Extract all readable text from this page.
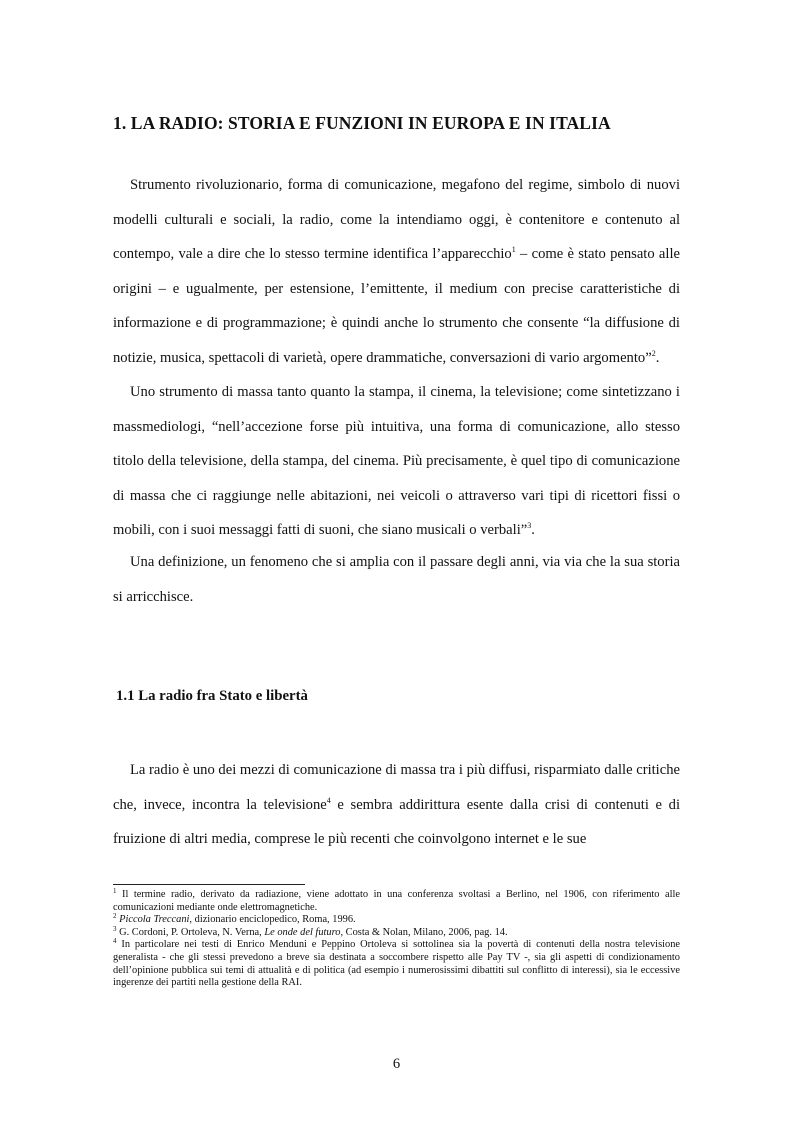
1. LA RADIO: STORIA E FUNZIONI IN EUROPA E IN ITALIA

Strumento rivoluzionario, forma di comunicazione, megafono del regime, simbolo di nuovi modelli culturali e sociali, la radio, come la intendiamo oggi, è contenitore e contenuto al contempo, vale a dire che lo stesso termine identifica l’apparecchio$^1$ – come è stato pensato alle origini – e ugualmente, per estensione, l’emittente, il medium con precise caratteristiche di informazione e di programmazione; è quindi anche lo strumento che consente “la diffusione di notizie, musica, spettacoli di varietà, opere drammatiche, conversazioni di vario argomento”$^2$.

Uno strumento di massa tanto quanto la stampa, il cinema, la televisione; come sintetizzano i massmediologi, “nell’accezione forse più intuitiva, una forma di comunicazione, allo stesso titolo della televisione, della stampa, del cinema. Più precisamente, è quel tipo di comunicazione di massa che ci raggiunge nelle abitazioni, nei veicoli o attraverso vari tipi di ricettori fissi o mobili, con i suoi messaggi fatti di suoni, che siano musicali o verbali”$^3$.

Una definizione, un fenomeno che si amplia con il passare degli anni, via via che la sua storia si arricchisce.

1.1 La radio fra Stato e libertà

La radio è uno dei mezzi di comunicazione di massa tra i più diffusi, risparmiato dalle critiche che, invece, incontra la televisione$^4$ e sembra addirittura esente dalla crisi di contenuti e di fruizione di altri media, comprese le più recenti che coinvolgono internet e le sue

$^1$ Il termine radio, derivato da radiazione, viene adottato in una conferenza svoltasi a Berlino, nel 1906, con riferimento alle comunicazioni mediante onde elettromagnetiche.

$^2$ Piccola Treccani, dizionario enciclopedico, Roma, 1996.

$^3$ G. Cordoni, P. Ortoleva, N. Verna, Le onde del futuro, Costa & Nolan, Milano, 2006, pag. 14.

$^4$ In particolare nei testi di Enrico Menduni e Peppino Ortoleva si sottolinea sia la povertà di contenuti della nostra televisione generalista - che gli stessi prevedono a breve sia destinata a soccombere rispetto alle Pay TV -, sia gli aspetti di condizionamento dell’opinione pubblica sui temi di attualità e di politica (ad esempio i numerosissimi dibattiti sul conflitto di interessi), sia le eccessive ingerenze dei partiti nella gestione della RAI.

6
